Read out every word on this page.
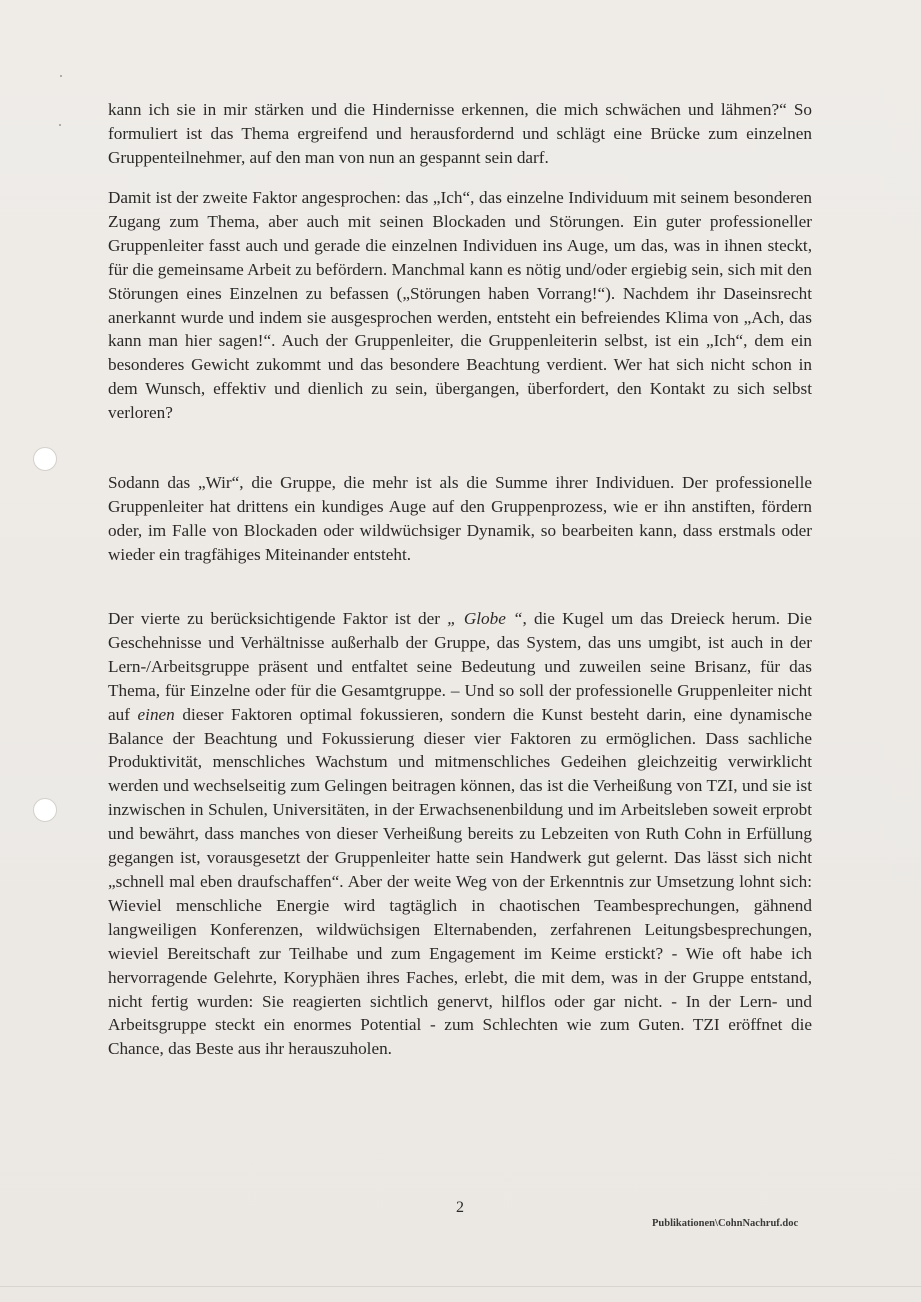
kann ich sie in mir stärken und die Hindernisse erkennen, die mich schwächen und lähmen?“ So formuliert ist das Thema ergreifend und herausfordernd und schlägt eine Brücke zum einzelnen Gruppenteilnehmer, auf den man von nun an gespannt sein darf.

Damit ist der zweite Faktor angesprochen: das „Ich“, das einzelne Individuum mit seinem besonderen Zugang zum Thema, aber auch mit seinen Blockaden und Störungen. Ein guter professioneller Gruppenleiter fasst auch und gerade die einzelnen Individuen ins Auge, um das, was in ihnen steckt, für die gemeinsame Arbeit zu befördern. Manchmal kann es nötig und/oder ergiebig sein, sich mit den Störungen eines Einzelnen zu befassen („Störungen haben Vorrang!“). Nachdem ihr Daseinsrecht anerkannt wurde und indem sie ausgesprochen werden, entsteht ein befreiendes Klima von „Ach, das kann man hier sagen!“. Auch der Gruppenleiter, die Gruppenleiterin selbst, ist ein „Ich“, dem ein besonderes Gewicht zukommt und das besondere Beachtung verdient. Wer hat sich nicht schon in dem Wunsch, effektiv und dienlich zu sein, übergangen, überfordert, den Kontakt zu sich selbst verloren?

Sodann das „Wir“, die Gruppe, die mehr ist als die Summe ihrer Individuen. Der professionelle Gruppenleiter hat drittens ein kundiges Auge auf den Gruppenprozess, wie er ihn anstiften, fördern oder, im Falle von Blockaden oder wildwüchsiger Dynamik, so bearbeiten kann, dass erstmals oder wieder ein tragfähiges Miteinander entsteht.

Der vierte zu berücksichtigende Faktor ist der „ Globe “, die Kugel um das Dreieck herum. Die Geschehnisse und Verhältnisse außerhalb der Gruppe, das System, das uns umgibt, ist auch in der Lern-/Arbeitsgruppe präsent und entfaltet seine Bedeutung und zuweilen seine Brisanz, für das Thema, für Einzelne oder für die Gesamtgruppe. – Und so soll der professionelle Gruppenleiter nicht auf einen dieser Faktoren optimal fokussieren, sondern die Kunst besteht darin, eine dynamische Balance der Beachtung und Fokussierung dieser vier Faktoren zu ermöglichen. Dass sachliche Produktivität, menschliches Wachstum und mitmenschliches Gedeihen gleichzeitig verwirklicht werden und wechselseitig zum Gelingen beitragen können, das ist die Verheißung von TZI, und sie ist inzwischen in Schulen, Universitäten, in der Erwachsenenbildung und im Arbeitsleben soweit erprobt und bewährt, dass manches von dieser Verheißung bereits zu Lebzeiten von Ruth Cohn in Erfüllung gegangen ist, vorausgesetzt der Gruppenleiter hatte sein Handwerk gut gelernt. Das lässt sich nicht „schnell mal eben draufschaffen“. Aber der weite Weg von der Erkenntnis zur Umsetzung lohnt sich: Wieviel menschliche Energie wird tagtäglich in chaotischen Teambesprechungen, gähnend langweiligen Konferenzen, wildwüchsigen Elternabenden, zerfahrenen Leitungsbesprechungen, wieviel Bereitschaft zur Teilhabe und zum Engagement im Keime erstickt? - Wie oft habe ich hervorragende Gelehrte, Koryphäen ihres Faches, erlebt, die mit dem, was in der Gruppe entstand, nicht fertig wurden: Sie reagierten sichtlich genervt, hilflos oder gar nicht. - In der Lern- und Arbeitsgruppe steckt ein enormes Potential - zum Schlechten wie zum Guten. TZI eröffnet die Chance, das Beste aus ihr herauszuholen.

2
Publikationen\CohnNachruf.doc
